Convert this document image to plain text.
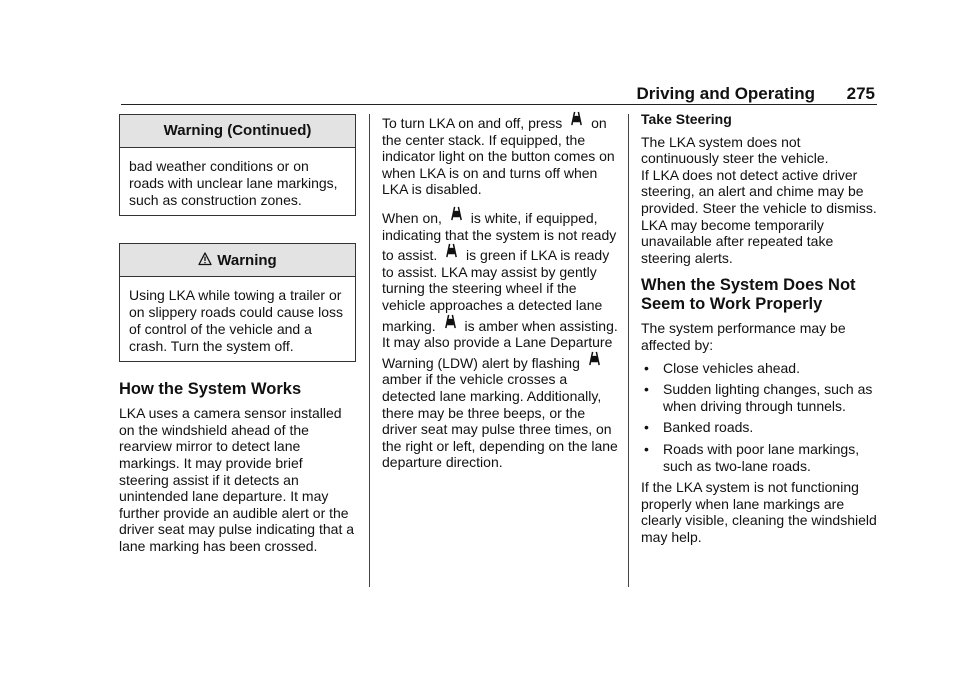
Driving and Operating 275
Warning (Continued)
bad weather conditions or on roads with unclear lane markings, such as construction zones.
Warning
Using LKA while towing a trailer or on slippery roads could cause loss of control of the vehicle and a crash. Turn the system off.
How the System Works

LKA uses a camera sensor installed on the windshield ahead of the rearview mirror to detect lane markings. It may provide brief steering assist if it detects an unintended lane departure. It may further provide an audible alert or the driver seat may pulse indicating that a lane marking has been crossed.

To turn LKA on and off, press on the center stack. If equipped, the indicator light on the button comes on when LKA is on and turns off when LKA is disabled.

When on, is white, if equipped, indicating that the system is not ready to assist. is green if LKA is ready to assist. LKA may assist by gently turning the steering wheel if the vehicle approaches a detected lane marking. is amber when assisting. It may also provide a Lane Departure Warning (LDW) alert by flashing  amber if the vehicle crosses a detected lane marking. Additionally, there may be three beeps, or the driver seat may pulse three times, on the right or left, depending on the lane departure direction.

Take Steering

The LKA system does not continuously steer the vehicle.

If LKA does not detect active driver steering, an alert and chime may be provided. Steer the vehicle to dismiss. LKA may become temporarily unavailable after repeated take steering alerts.

When the System Does Not Seem to Work Properly

The system performance may be affected by:

• Close vehicles ahead.
• Sudden lighting changes, such as when driving through tunnels.
• Banked roads.
• Roads with poor lane markings, such as two-lane roads.

If the LKA system is not functioning properly when lane markings are clearly visible, cleaning the windshield may help.
